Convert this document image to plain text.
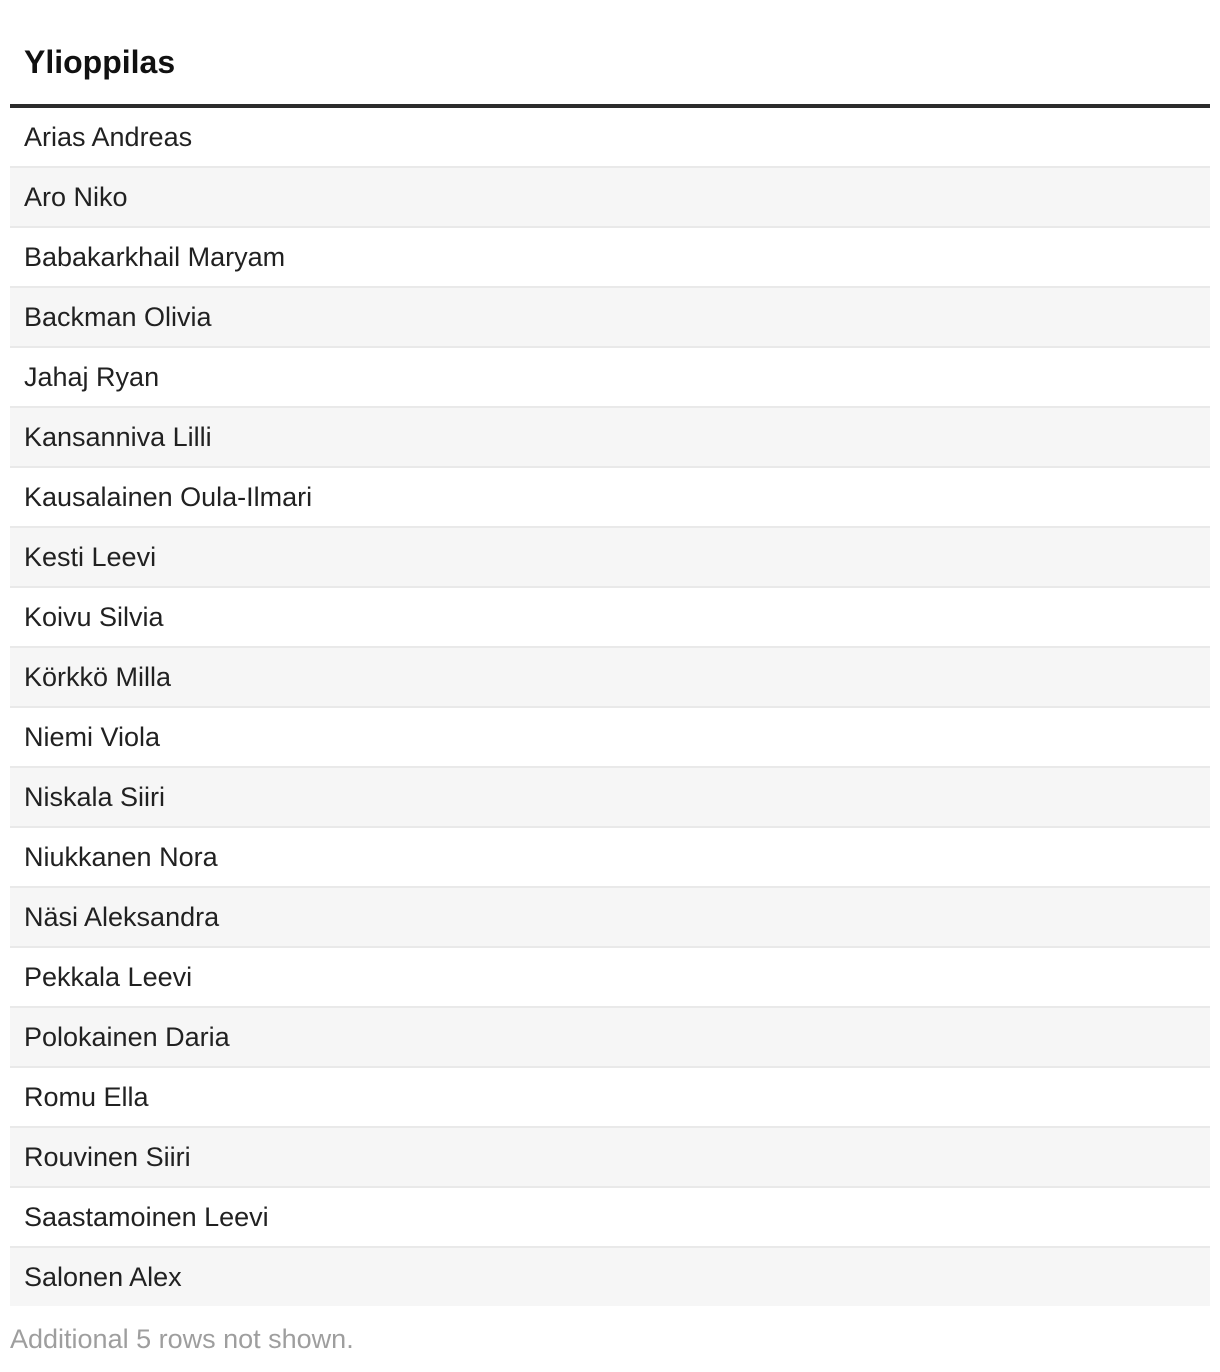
Ylioppilas
Arias Andreas
Aro Niko
Babakarkhail Maryam
Backman Olivia
Jahaj Ryan
Kansanniva Lilli
Kausalainen Oula-Ilmari
Kesti Leevi
Koivu Silvia
Körkkö Milla
Niemi Viola
Niskala Siiri
Niukkanen Nora
Näsi Aleksandra
Pekkala Leevi
Polokainen Daria
Romu Ella
Rouvinen Siiri
Saastamoinen Leevi
Salonen Alex
Additional 5 rows not shown.
